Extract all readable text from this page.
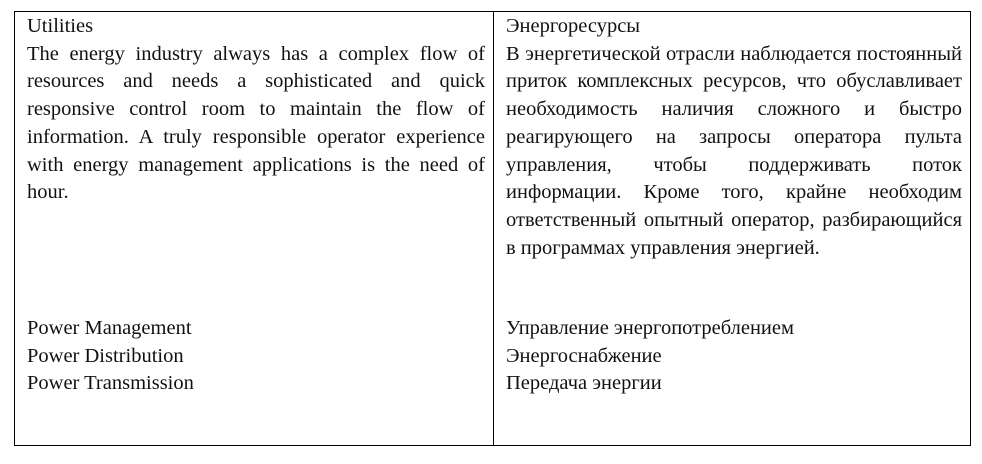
Utilities
The energy industry always has a complex flow of resources and needs a sophisticated and quick responsive control room to maintain the flow of information. A truly responsible operator experience with energy management applications is the need of hour.
Power Management
Power Distribution
Power Transmission
Энергоресурсы
В энергетической отрасли наблюдается постоянный приток комплексных ресурсов, что обуславливает необходимость наличия сложного и быстро реагирующего на запросы оператора пульта управления, чтобы поддерживать поток информации. Кроме того, крайне необходим ответственный опытный оператор, разбирающийся в программах управления энергией.
Управление энергопотреблением
Энергоснабжение
Передача энергии
